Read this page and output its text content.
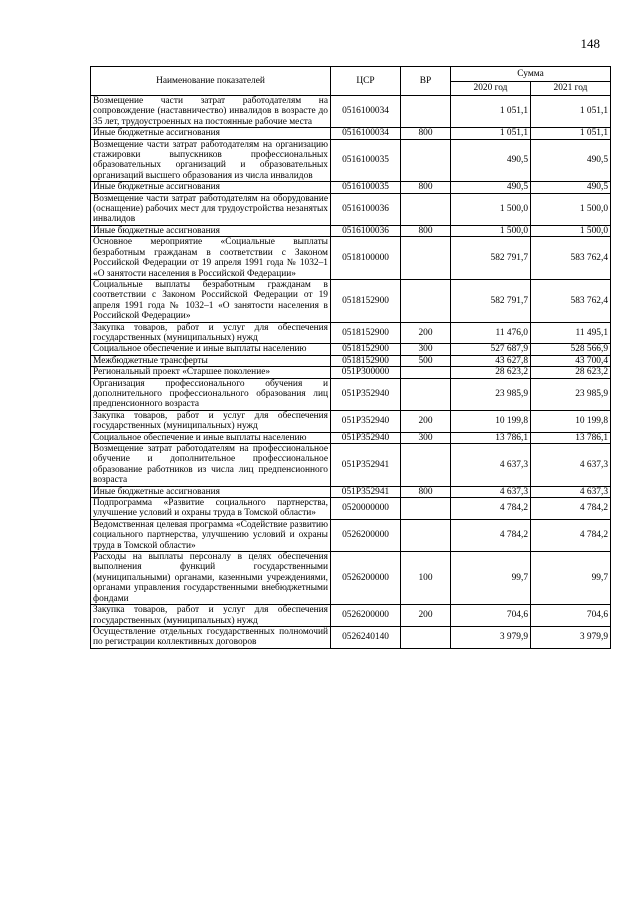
148
Наименование показателей	ЦСР	ВР	Сумма	
			2020 год	2021 год
Возмещение части затрат работодателям на сопровождение (наставничество) инвалидов в возрасте до 35 лет, трудоустроенных на постоянные рабочие места	0516100034		1 051,1	1 051,1
Иные бюджетные ассигнования	0516100034	800	1 051,1	1 051,1
Возмещение части затрат работодателям на организацию стажировки выпускников профессиональных образовательных организаций и образовательных организаций высшего образования из числа инвалидов	0516100035		490,5	490,5
Иные бюджетные ассигнования	0516100035	800	490,5	490,5
Возмещение части затрат работодателям на оборудование (оснащение) рабочих мест для трудоустройства незанятых инвалидов	0516100036		1 500,0	1 500,0
Иные бюджетные ассигнования	0516100036	800	1 500,0	1 500,0
Основное мероприятие «Социальные выплаты безработным гражданам в соответствии с Законом Российской Федерации от 19 апреля 1991 года № 1032–1 «О занятости населения в Российской Федерации»	0518100000		582 791,7	583 762,4
Социальные выплаты безработным гражданам в соответствии с Законом Российской Федерации от 19 апреля 1991 года № 1032–1 «О занятости населения в Российской Федерации»	0518152900		582 791,7	583 762,4
Закупка товаров, работ и услуг для обеспечения государственных (муниципальных) нужд	0518152900	200	11 476,0	11 495,1
Социальное обеспечение и иные выплаты населению	0518152900	300	527 687,9	528 566,9
Межбюджетные трансферты	0518152900	500	43 627,8	43 700,4
Региональный проект «Старшее поколение»	051P300000		28 623,2	28 623,2
Организация профессионального обучения и дополнительного профессионального образования лиц предпенсионного возраста	051P352940		23 985,9	23 985,9
Закупка товаров, работ и услуг для обеспечения государственных (муниципальных) нужд	051P352940	200	10 199,8	10 199,8
Социальное обеспечение и иные выплаты населению	051P352940	300	13 786,1	13 786,1
Возмещение затрат работодателям на профессиональное обучение и дополнительное профессиональное образование работников из числа лиц предпенсионного возраста	051P352941		4 637,3	4 637,3
Иные бюджетные ассигнования	051P352941	800	4 637,3	4 637,3
Подпрограмма «Развитие социального партнерства, улучшение условий и охраны труда в Томской области»	0520000000		4 784,2	4 784,2
Ведомственная целевая программа «Содействие развитию социального партнерства, улучшению условий и охраны труда в Томской области»	0526200000		4 784,2	4 784,2
Расходы на выплаты персоналу в целях обеспечения выполнения функций государственными (муниципальными) органами, казенными учреждениями, органами управления государственными внебюджетными фондами	0526200000	100	99,7	99,7
Закупка товаров, работ и услуг для обеспечения государственных (муниципальных) нужд	0526200000	200	704,6	704,6
Осуществление отдельных государственных полномочий по регистрации коллективных договоров	0526240140		3 979,9	3 979,9
